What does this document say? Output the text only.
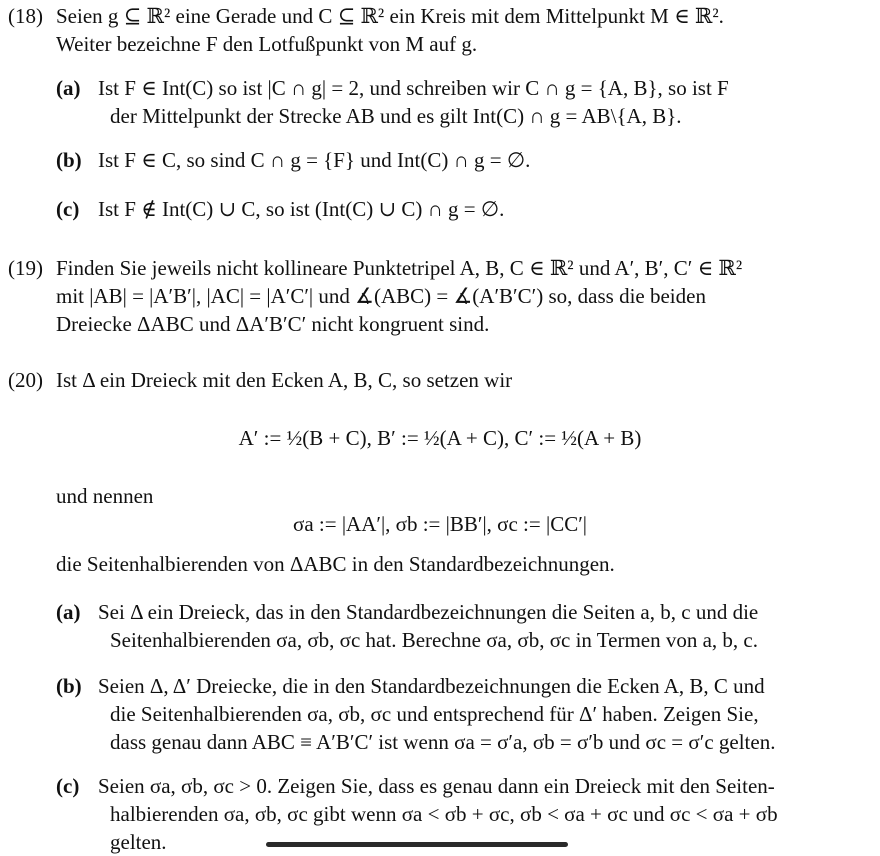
(18) Seien g ⊆ ℝ² eine Gerade und C ⊆ ℝ² ein Kreis mit dem Mittelpunkt M ∈ ℝ².
Weiter bezeichne F den Lotfußpunkt von M auf g.
(a) Ist F ∈ Int(C) so ist |C ∩ g| = 2, und schreiben wir C ∩ g = {A, B}, so ist F
der Mittelpunkt der Strecke AB und es gilt Int(C) ∩ g = AB\{A, B}.
(b) Ist F ∈ C, so sind C ∩ g = {F} und Int(C) ∩ g = ∅.
(c) Ist F ∉ Int(C) ∪ C, so ist (Int(C) ∪ C) ∩ g = ∅.
(19) Finden Sie jeweils nicht kollineare Punktetripel A, B, C ∈ ℝ² und A′, B′, C′ ∈ ℝ²
mit |AB| = |A′B′|, |AC| = |A′C′| und ∡(ABC) = ∡(A′B′C′) so, dass die beiden
Dreiecke ΔABC und ΔA′B′C′ nicht kongruent sind.
(20) Ist Δ ein Dreieck mit den Ecken A, B, C, so setzen wir
A′ := ½(B + C), B′ := ½(A + C), C′ := ½(A + B)
und nennen
σa := |AA′|, σb := |BB′|, σc := |CC′|
die Seitenhalbierenden von ΔABC in den Standardbezeichnungen.
(a) Sei Δ ein Dreieck, das in den Standardbezeichnungen die Seiten a, b, c und die
Seitenhalbierenden σa, σb, σc hat. Berechne σa, σb, σc in Termen von a, b, c.
(b) Seien Δ, Δ′ Dreiecke, die in den Standardbezeichnungen die Ecken A, B, C und
die Seitenhalbierenden σa, σb, σc und entsprechend für Δ′ haben. Zeigen Sie,
dass genau dann ABC ≡ A′B′C′ ist wenn σa = σ′a, σb = σ′b und σc = σ′c gelten.
(c) Seien σa, σb, σc > 0. Zeigen Sie, dass es genau dann ein Dreieck mit den Seiten-
halbierenden σa, σb, σc gibt wenn σa < σb + σc, σb < σa + σc und σc < σa + σb
gelten.
